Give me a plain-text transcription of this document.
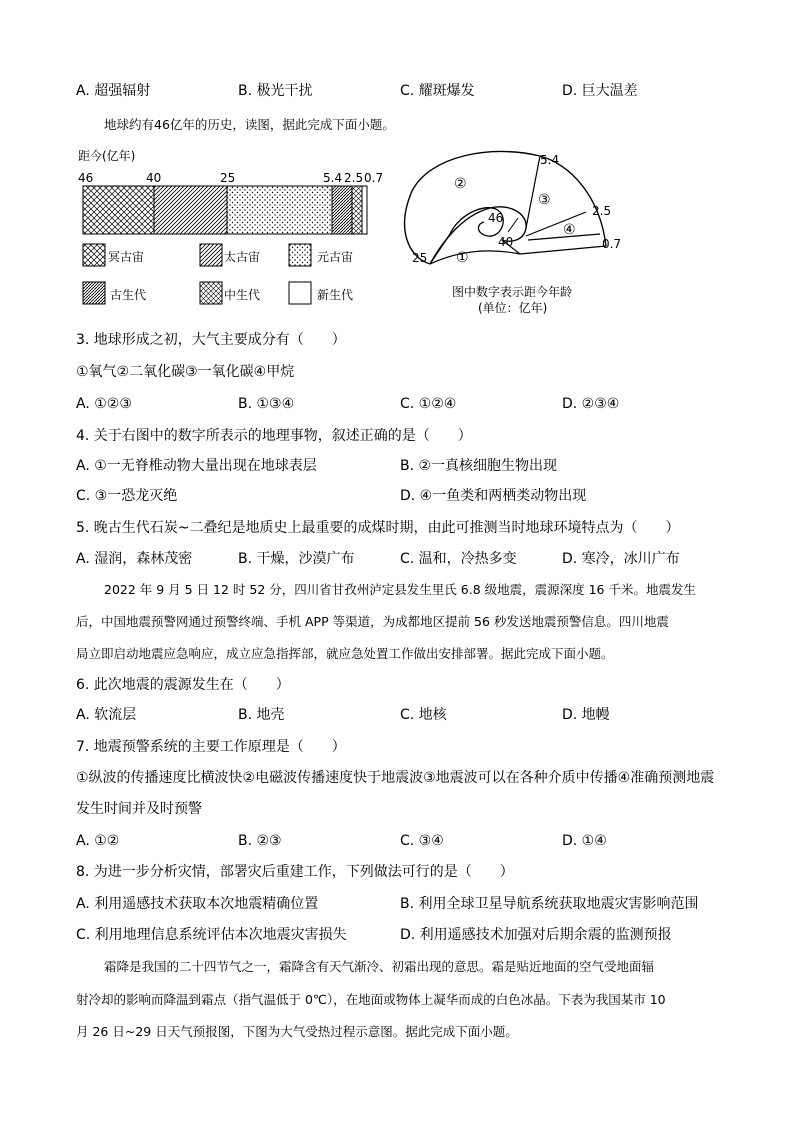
A. 超强辐射	B. 极光干扰	C. 耀斑爆发	D. 巨大温差
地球约有46亿年的历史，读图，据此完成下面小题。
距今(亿年)
46	40	25	5.4 2.5 0.7
冥古宙	太古宙	元古宙
古生代	中生代	新生代
5.4
2.5
0.7
46
40
25 ①
②
③
④
图中数字表示距今年龄
(单位：亿年)
3. 地球形成之初，大气主要成分有（　　）
①氧气②二氧化碳③一氧化碳④甲烷
A. ①②③	B. ①③④	C. ①②④	D. ②③④
4. 关于右图中的数字所表示的地理事物，叙述正确的是（　　）
A. ①一无脊椎动物大量出现在地球表层	B. ②一真核细胞生物出现
C. ③一恐龙灭绝	D. ④一鱼类和两栖类动物出现
5. 晚古生代石炭~二叠纪是地质史上最重要的成煤时期，由此可推测当时地球环境特点为（　　）
A. 湿润，森林茂密	B. 干燥，沙漠广布	C. 温和，冷热多变	D. 寒冷，冰川广布
2022 年 9 月 5 日 12 时 52 分，四川省甘孜州泸定县发生里氏 6.8 级地震，震源深度 16 千米。地震发生
后，中国地震预警网通过预警终端、手机 APP 等渠道，为成都地区提前 56 秒发送地震预警信息。四川地震
局立即启动地震应急响应，成立应急指挥部，就应急处置工作做出安排部署。据此完成下面小题。
6. 此次地震的震源发生在（　　）
A. 软流层	B. 地壳	C. 地核	D. 地幔
7. 地震预警系统的主要工作原理是（　　）
①纵波的传播速度比横波快②电磁波传播速度快于地震波③地震波可以在各种介质中传播④准确预测地震
发生时间并及时预警
A. ①②	B. ②③	C. ③④	D. ①④
8. 为进一步分析灾情，部署灾后重建工作，下列做法可行的是（　　）
A. 利用遥感技术获取本次地震精确位置	B. 利用全球卫星导航系统获取地震灾害影响范围
C. 利用地理信息系统评估本次地震灾害损失	D. 利用遥感技术加强对后期余震的监测预报
霜降是我国的二十四节气之一，霜降含有天气渐冷、初霜出现的意思。霜是贴近地面的空气受地面辐
射冷却的影响而降温到霜点（指气温低于 0℃），在地面或物体上凝华而成的白色冰晶。下表为我国某市 10
月 26 日~29 日天气预报图，下图为大气受热过程示意图。据此完成下面小题。
